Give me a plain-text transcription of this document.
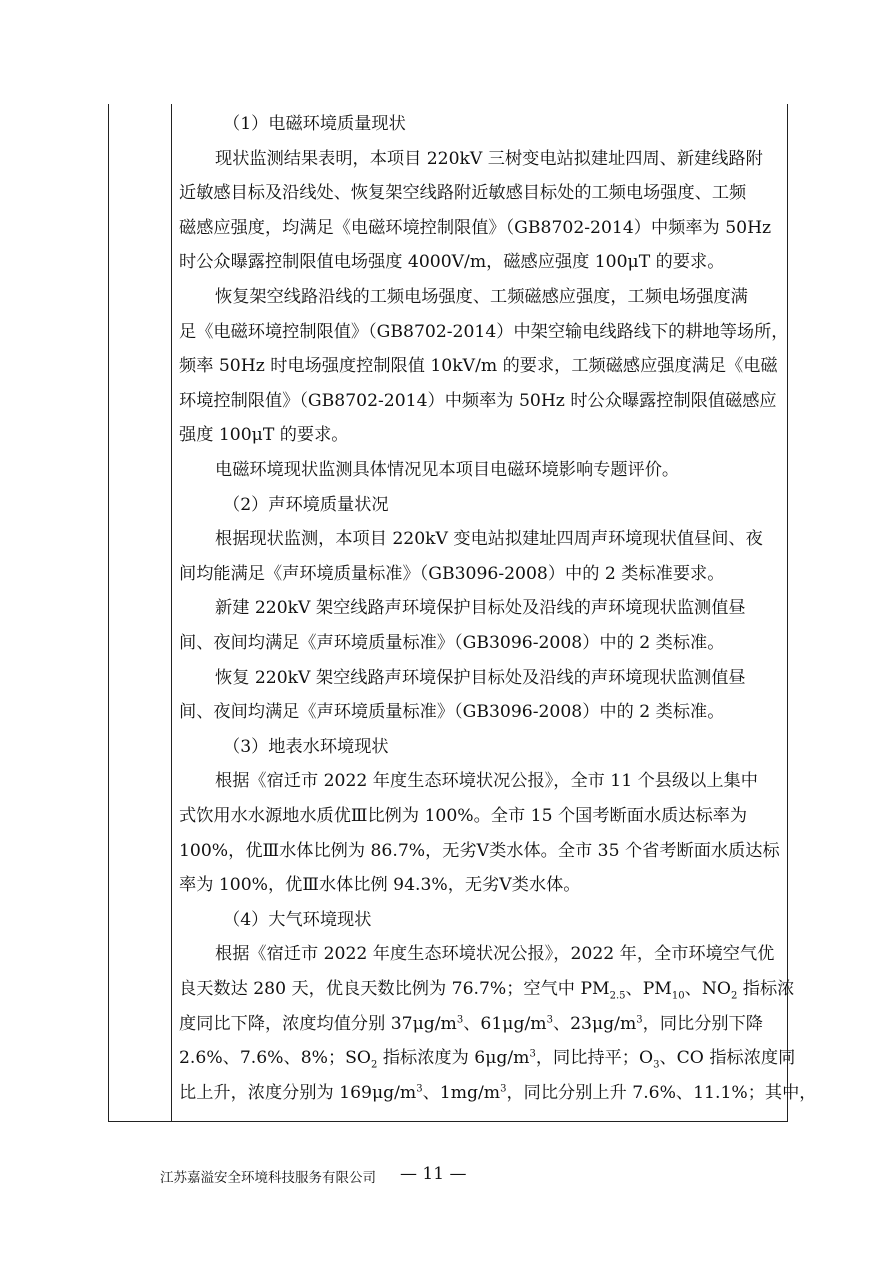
（1）电磁环境质量现状
现状监测结果表明，本项目 220kV 三树变电站拟建址四周、新建线路附
近敏感目标及沿线处、恢复架空线路附近敏感目标处的工频电场强度、工频
磁感应强度，均满足《电磁环境控制限值》（GB8702-2014）中频率为 50Hz
时公众曝露控制限值电场强度 4000V/m，磁感应强度 100μT 的要求。
恢复架空线路沿线的工频电场强度、工频磁感应强度，工频电场强度满
足《电磁环境控制限值》（GB8702-2014）中架空输电线路线下的耕地等场所，
频率 50Hz 时电场强度控制限值 10kV/m 的要求，工频磁感应强度满足《电磁
环境控制限值》（GB8702-2014）中频率为 50Hz 时公众曝露控制限值磁感应
强度 100μT 的要求。
电磁环境现状监测具体情况见本项目电磁环境影响专题评价。
（2）声环境质量状况
根据现状监测，本项目 220kV 变电站拟建址四周声环境现状值昼间、夜
间均能满足《声环境质量标准》（GB3096-2008）中的 2 类标准要求。
新建 220kV 架空线路声环境保护目标处及沿线的声环境现状监测值昼
间、夜间均满足《声环境质量标准》（GB3096-2008）中的 2 类标准。
恢复 220kV 架空线路声环境保护目标处及沿线的声环境现状监测值昼
间、夜间均满足《声环境质量标准》（GB3096-2008）中的 2 类标准。
（3）地表水环境现状
根据《宿迁市 2022 年度生态环境状况公报》，全市 11 个县级以上集中
式饮用水水源地水质优Ⅲ比例为 100%。全市 15 个国考断面水质达标率为
100%，优Ⅲ水体比例为 86.7%，无劣Ⅴ类水体。全市 35 个省考断面水质达标
率为 100%，优Ⅲ水体比例 94.3%，无劣Ⅴ类水体。
（4）大气环境现状
根据《宿迁市 2022 年度生态环境状况公报》，2022 年，全市环境空气优
良天数达 280 天，优良天数比例为 76.7%；空气中 $PM_{2.5}$、$PM_{10}$、$NO_2$ 指标浓
度同比下降，浓度均值分别 $37\mu g/m^3$、$61\mu g/m^3$、$23\mu g/m^3$，同比分别下降
2.6%、7.6%、8%；$SO_2$ 指标浓度为 $6\mu g/m^3$，同比持平；$O_3$、CO 指标浓度同
比上升，浓度分别为 $169\mu g/m^3$、$1mg/m^3$，同比分别上升 7.6%、11.1%；其中，
江苏嘉溢安全环境科技服务有限公司 — 11 —
